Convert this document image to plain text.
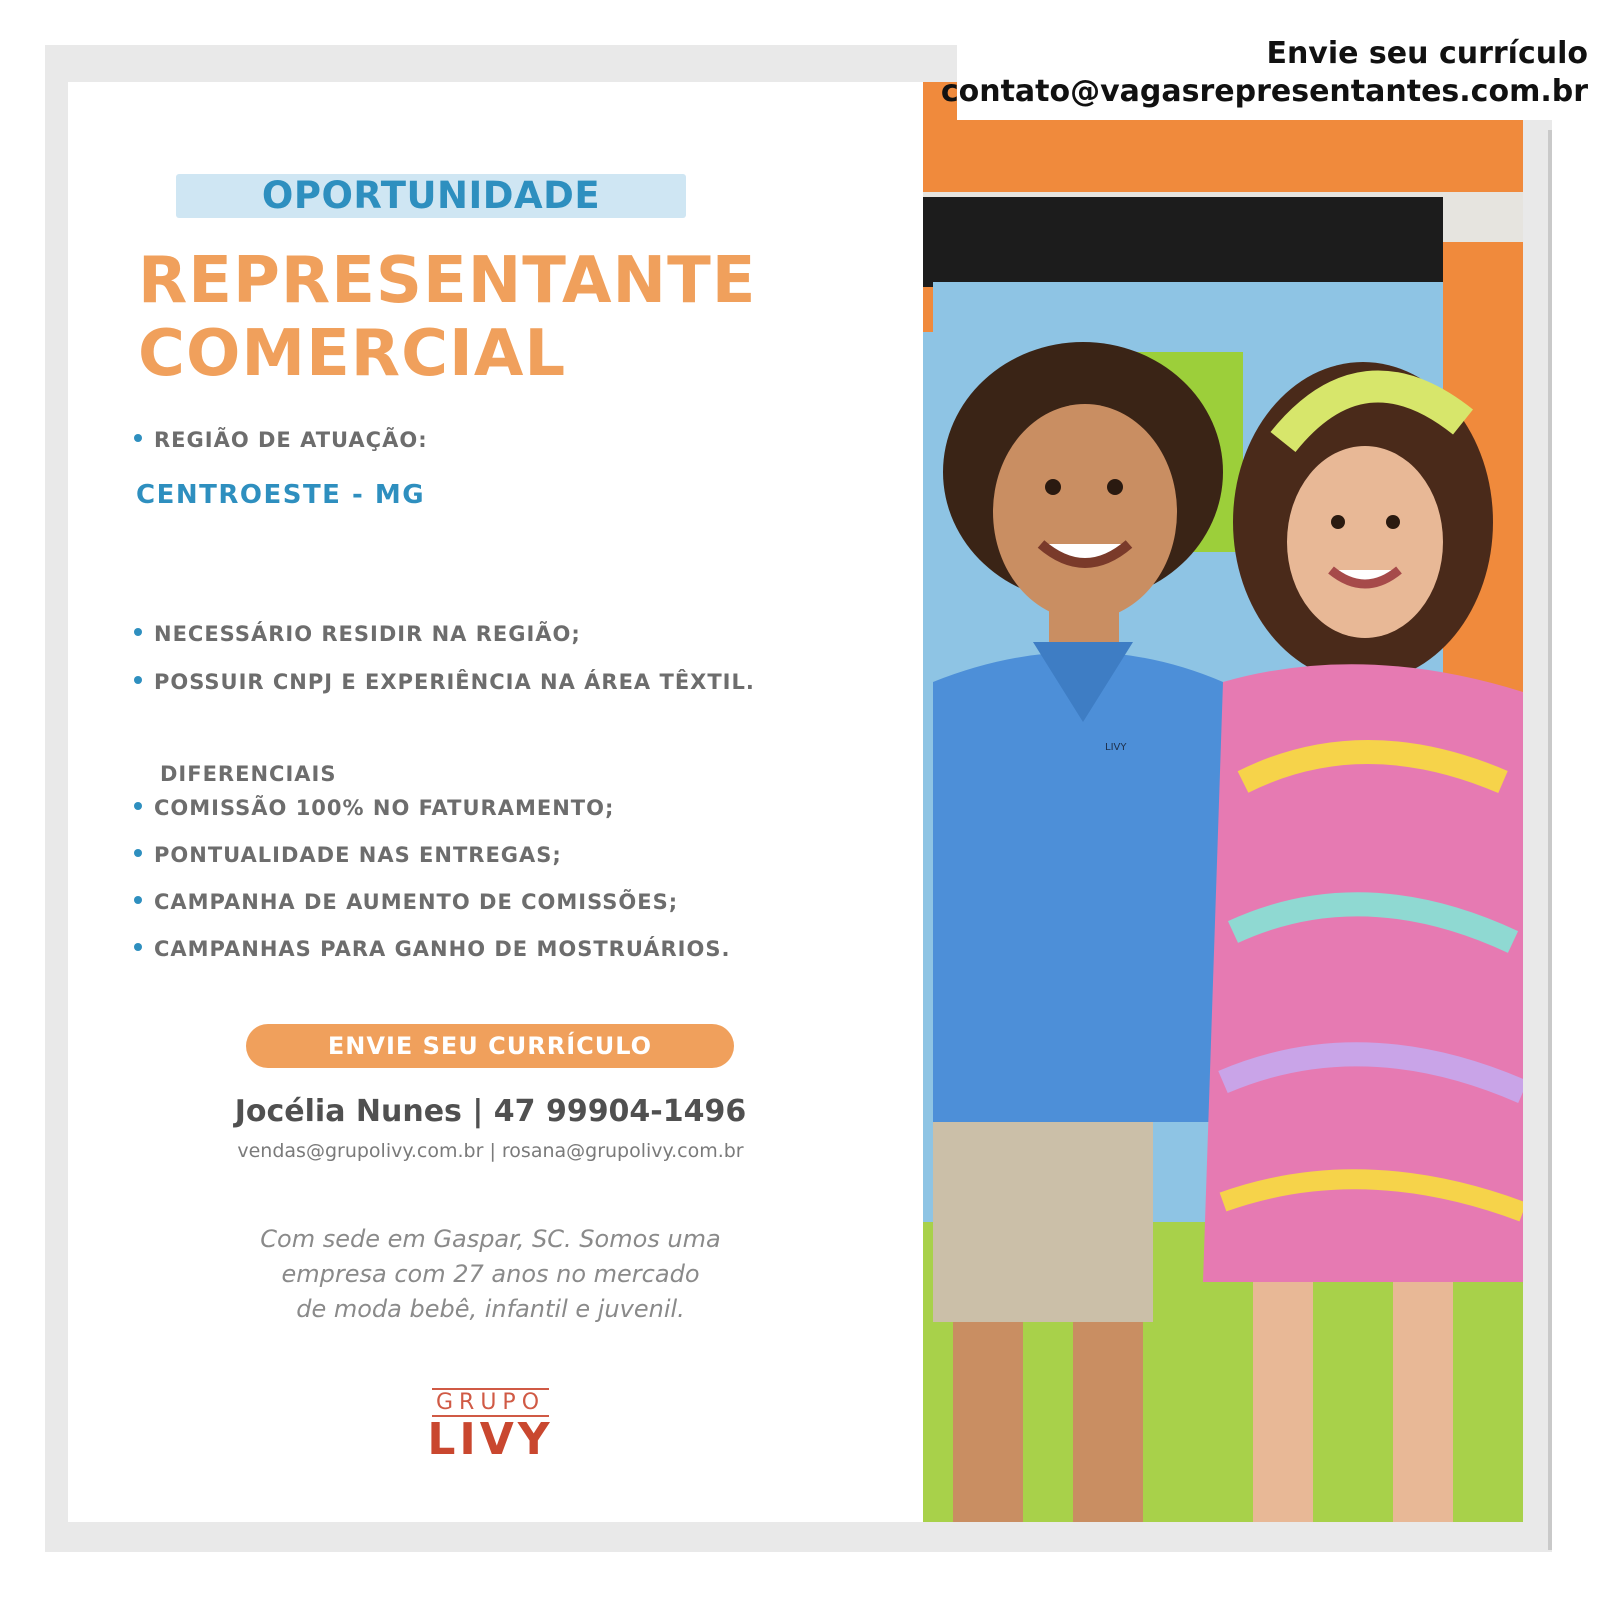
OPORTUNIDADE
REPRESENTANTE
COMERCIAL
REGIÃO DE ATUAÇÃO:
CENTROESTE - MG
NECESSÁRIO RESIDIR NA REGIÃO;
POSSUIR CNPJ E EXPERIÊNCIA NA ÁREA TÊXTIL.
DIFERENCIAIS
COMISSÃO 100% NO FATURAMENTO;
PONTUALIDADE NAS ENTREGAS;
CAMPANHA DE AUMENTO DE COMISSÕES;
CAMPANHAS PARA GANHO DE MOSTRUÁRIOS.
ENVIE SEU CURRÍCULO
Jocélia Nunes | 47 99904-1496
vendas@grupolivy.com.br | rosana@grupolivy.com.br
Com sede em Gaspar, SC. Somos uma
empresa com 27 anos no mercado
de moda bebê, infantil e juvenil.
GRUPO
LIVY
LIVY
Envie seu currículo
contato@vagasrepresentantes.com.br
